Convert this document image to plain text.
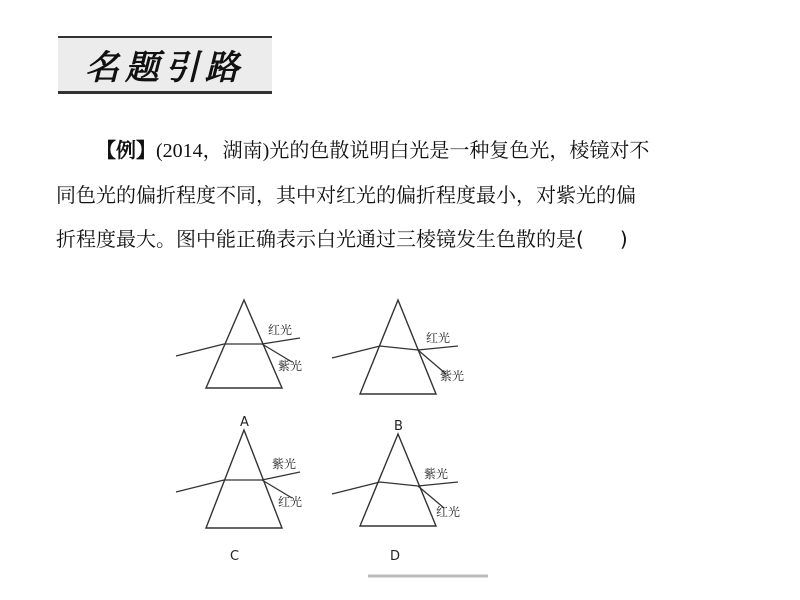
名题引路
【例】(2014，湖南)光的色散说明白光是一种复色光，棱镜对不
同色光的偏折程度不同，其中对红光的偏折程度最小，对紫光的偏
折程度最大。图中能正确表示白光通过三棱镜发生色散的是( )
红光
紫光
A
红光
紫光
B
紫光
红光
C
紫光
红光
D
